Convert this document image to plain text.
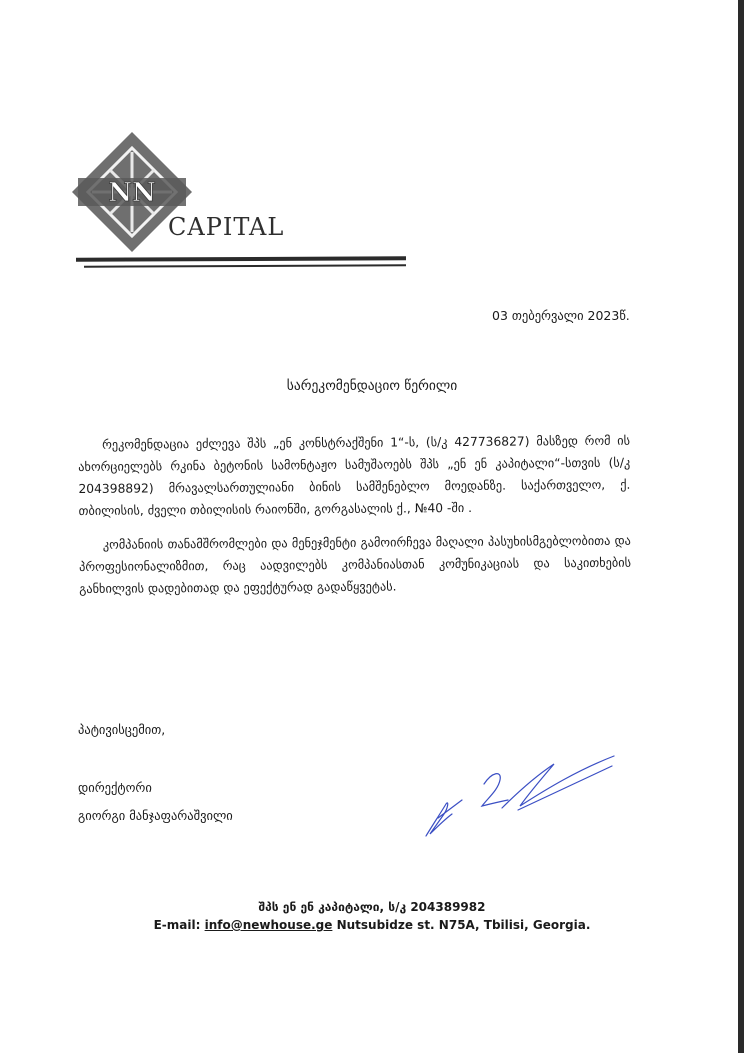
NN
CAPITAL
03 თებერვალი 2023წ.
სარეკომენდაციო წერილი

რეკომენდაცია ეძლევა შპს „ენ კონსტრაქშენი 1“-ს, (ს/კ 427736827) მასზედ რომ ის ახორციელებს რკინა ბეტონის სამონტაჟო სამუშაოებს შპს „ენ ენ კაპიტალი“-სთვის (ს/კ 204398892) მრავალსართულიანი ბინის სამშენებლო მოედანზე. საქართველო, ქ. თბილისის, ძველი თბილისის რაიონში, გორგასალის ქ., №40 -ში .

კომპანიის თანამშრომლები და მენეჯმენტი გამოირჩევა მაღალი პასუხისმგებლობითა და პროფესიონალიზმით, რაც აადვილებს კომპანიასთან კომუნიკაციას და საკითხების განხილვის დადებითად და ეფექტურად გადაწყვეტას.

პატივისცემით,
დირექტორი
გიორგი მანჯაფარაშვილი
შპს ენ ენ კაპიტალი, ს/კ 204389982
E-mail: info@newhouse.ge Nutsubidze st. N75A, Tbilisi, Georgia.
